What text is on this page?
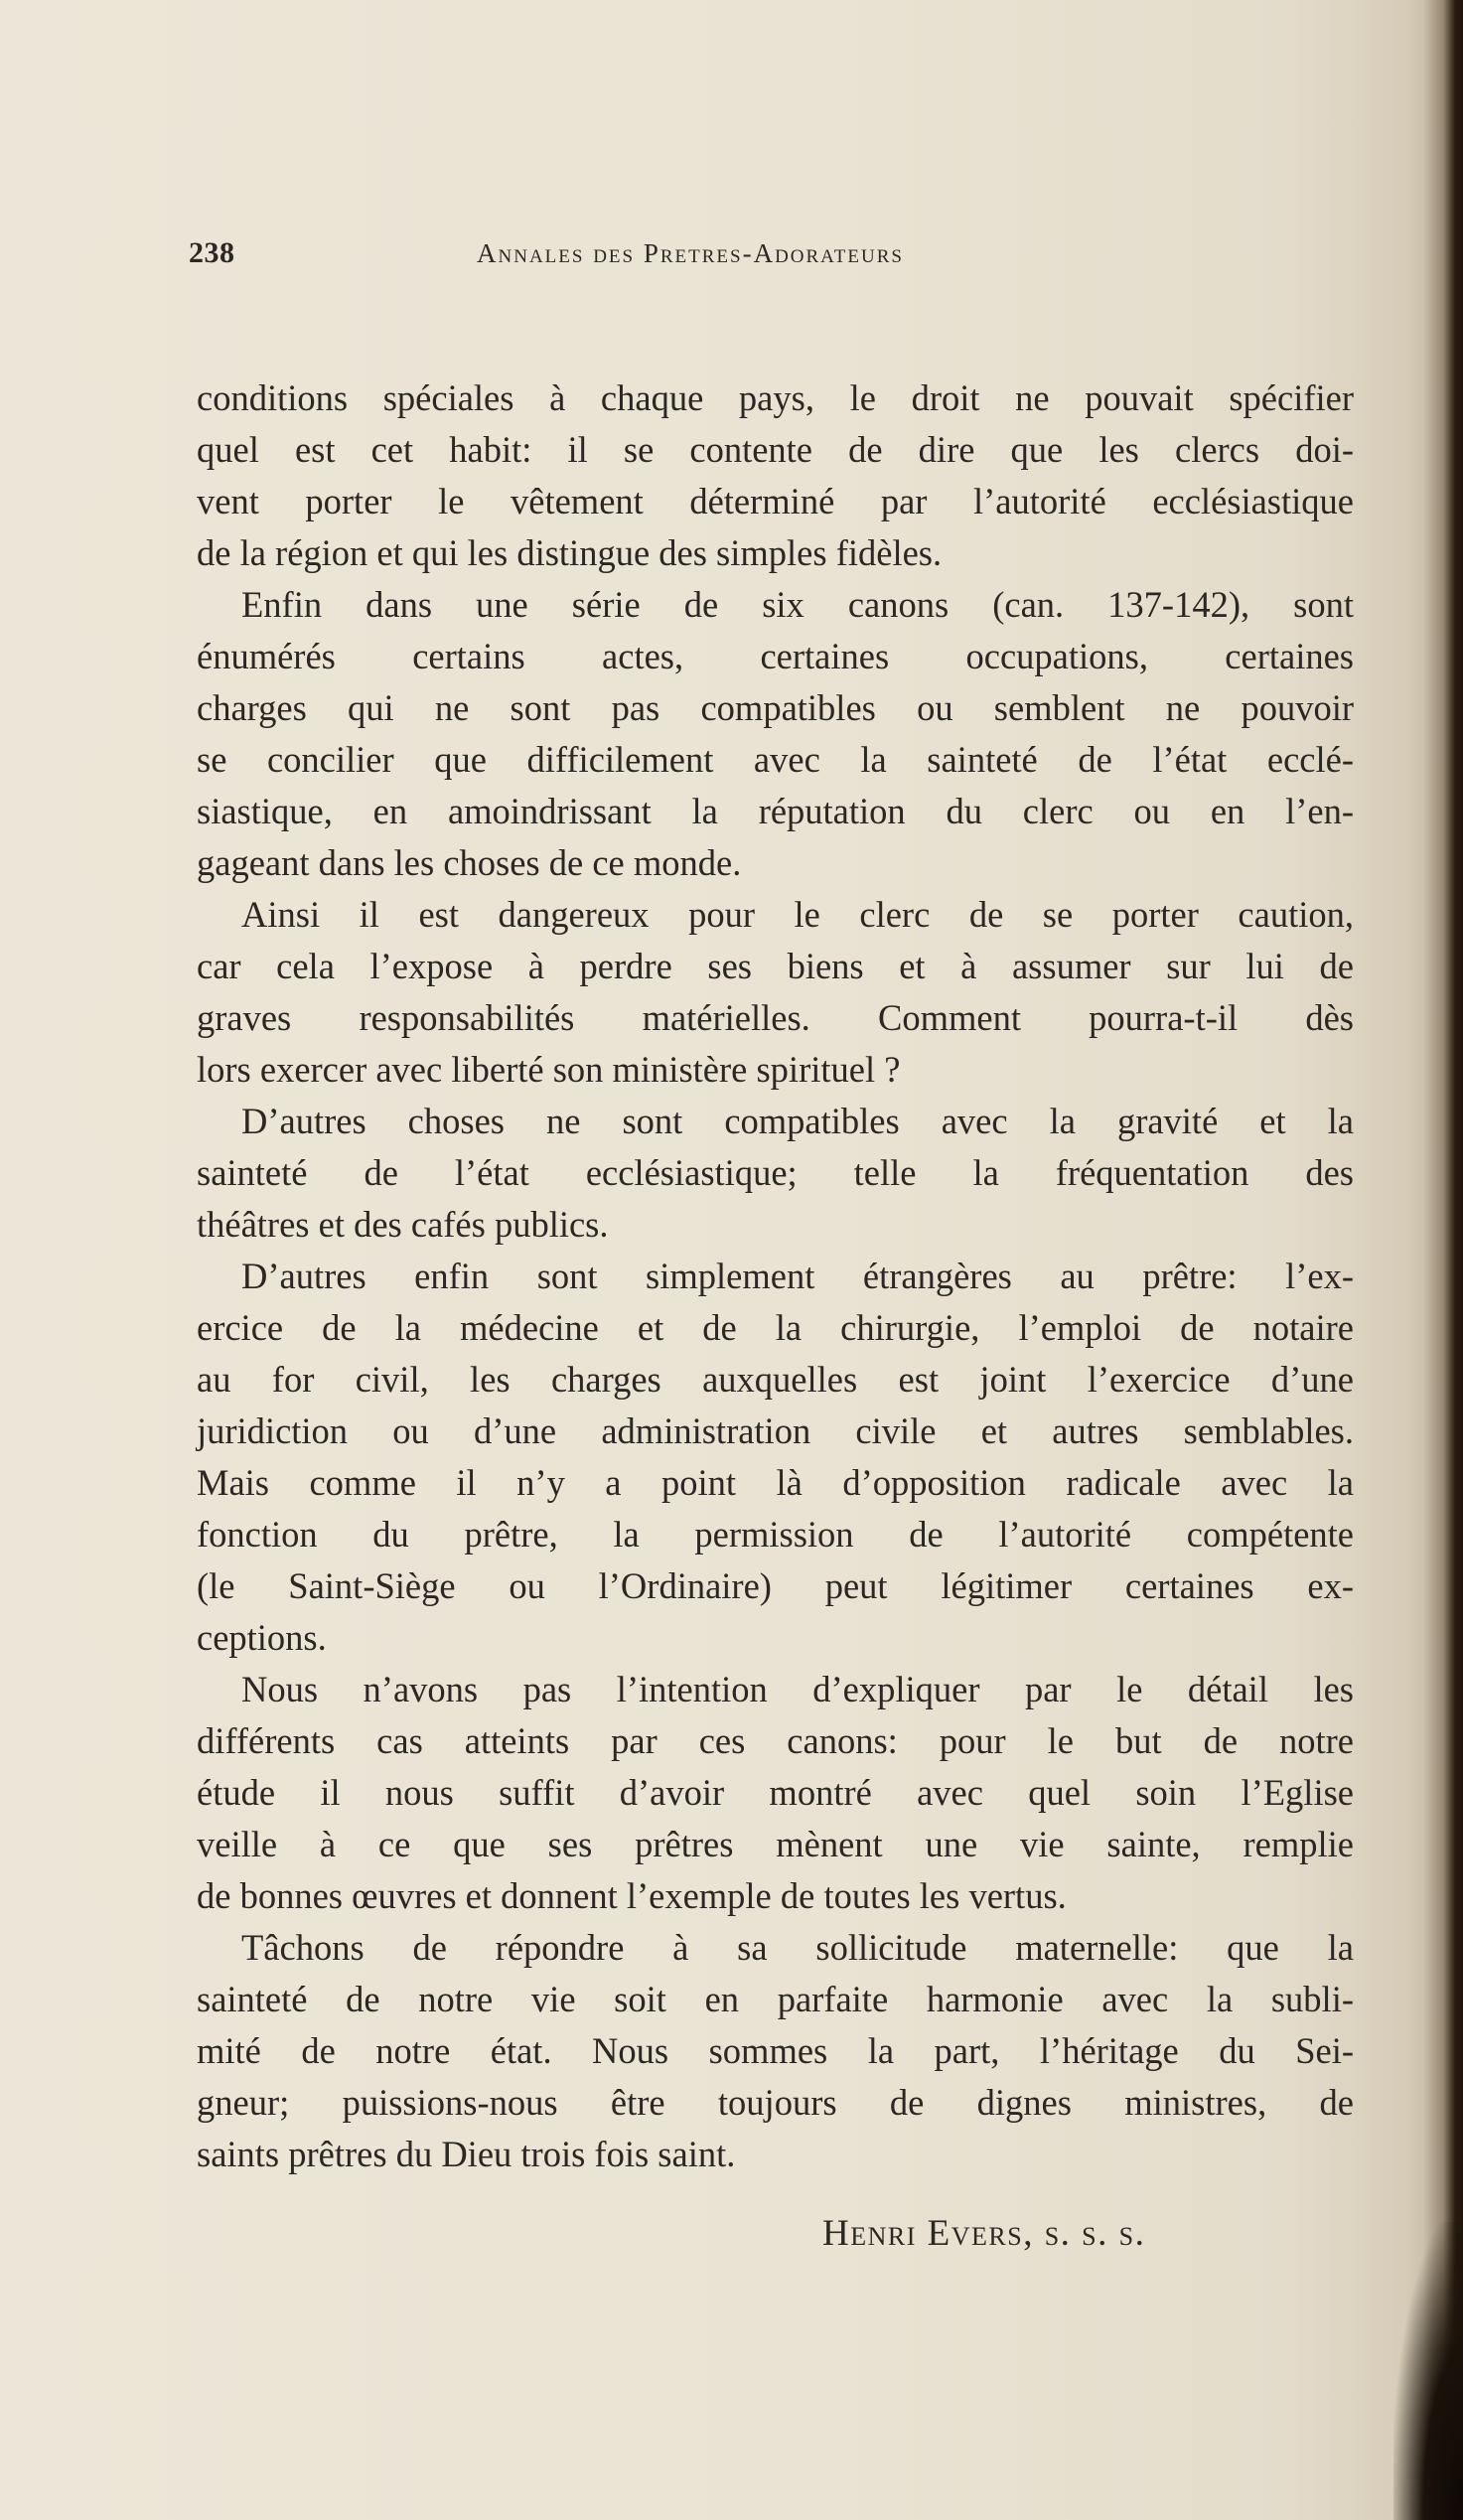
238	Annales des Pretres-Adorateurs
conditions spéciales à chaque pays, le droit ne pouvait spécifier
quel est cet habit: il se contente de dire que les clercs doi-
vent porter le vêtement déterminé par l’autorité ecclésiastique
de la région et qui les distingue des simples fidèles.
Enfin dans une série de six canons (can. 137-142), sont
énumérés certains actes, certaines occupations, certaines
charges qui ne sont pas compatibles ou semblent ne pouvoir
se concilier que difficilement avec la sainteté de l’état ecclé-
siastique, en amoindrissant la réputation du clerc ou en l’en-
gageant dans les choses de ce monde.
Ainsi il est dangereux pour le clerc de se porter caution,
car cela l’expose à perdre ses biens et à assumer sur lui de
graves responsabilités matérielles. Comment pourra-t-il dès
lors exercer avec liberté son ministère spirituel ?
D’autres choses ne sont compatibles avec la gravité et la
sainteté de l’état ecclésiastique; telle la fréquentation des
théâtres et des cafés publics.
D’autres enfin sont simplement étrangères au prêtre: l’ex-
ercice de la médecine et de la chirurgie, l’emploi de notaire
au for civil, les charges auxquelles est joint l’exercice d’une
juridiction ou d’une administration civile et autres semblables.
Mais comme il n’y a point là d’opposition radicale avec la
fonction du prêtre, la permission de l’autorité compétente
(le Saint-Siège ou l’Ordinaire) peut légitimer certaines ex-
ceptions.
Nous n’avons pas l’intention d’expliquer par le détail les
différents cas atteints par ces canons: pour le but de notre
étude il nous suffit d’avoir montré avec quel soin l’Eglise
veille à ce que ses prêtres mènent une vie sainte, remplie
de bonnes œuvres et donnent l’exemple de toutes les vertus.
Tâchons de répondre à sa sollicitude maternelle: que la
sainteté de notre vie soit en parfaite harmonie avec la subli-
mité de notre état. Nous sommes la part, l’héritage du Sei-
gneur; puissions-nous être toujours de dignes ministres, de
saints prêtres du Dieu trois fois saint.
Henri Evers, s. s. s.
